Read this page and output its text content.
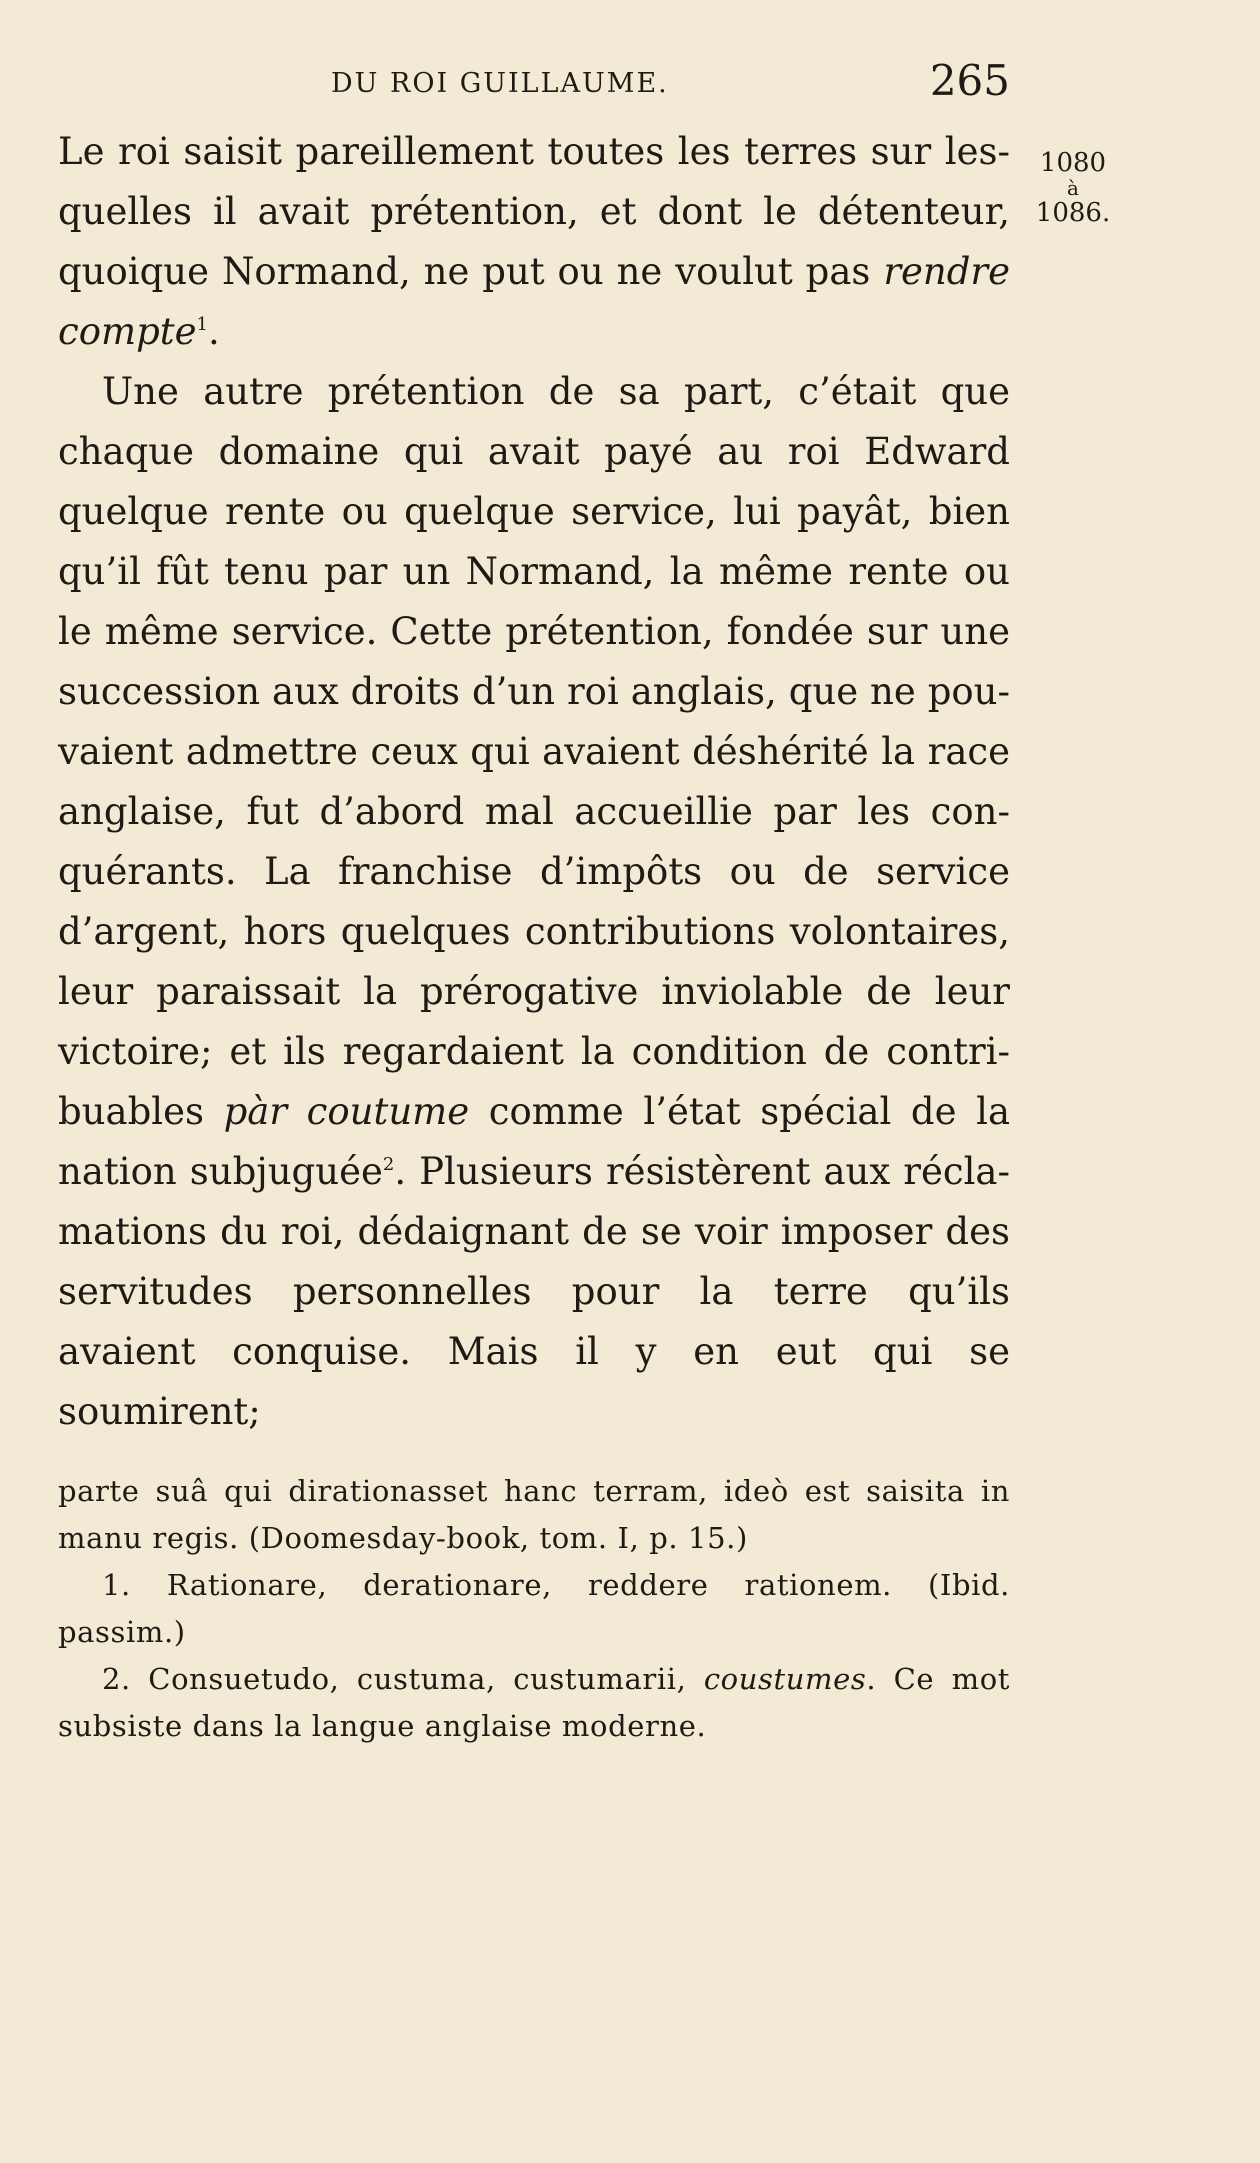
DU ROI GUILLAUME.	265
1080
à
1086.

Le roi saisit pareillement toutes les terres sur lesquelles il avait prétention, et dont le détenteur, quoique Normand, ne put ou ne voulut pas rendre compte$^1$.

Une autre prétention de sa part, c’était que chaque domaine qui avait payé au roi Edward quelque rente ou quelque service, lui payât, bien qu’il fût tenu par un Normand, la même rente ou le même service. Cette prétention, fondée sur une succession aux droits d’un roi anglais, que ne pouvaient admettre ceux qui avaient déshérité la race anglaise, fut d’abord mal accueillie par les conquérants. La franchise d’impôts ou de service d’argent, hors quelques contributions volontaires, leur paraissait la prérogative inviolable de leur victoire; et ils regardaient la condition de contribuables pàr coutume comme l’état spécial de la nation subjuguée$^2$. Plusieurs résistèrent aux réclamations du roi, dédaignant de se voir imposer des servitudes personnelles pour la terre qu’ils avaient conquise. Mais il y en eut qui se soumirent;

parte suâ qui dirationasset hanc terram, ideò est saisita in manu regis. (Doomesday-book, tom. I, p. 15.)

1. Rationare, derationare, reddere rationem. (Ibid. passim.)

2. Consuetudo, custuma, custumarii, coustumes. Ce mot subsiste dans la langue anglaise moderne.
